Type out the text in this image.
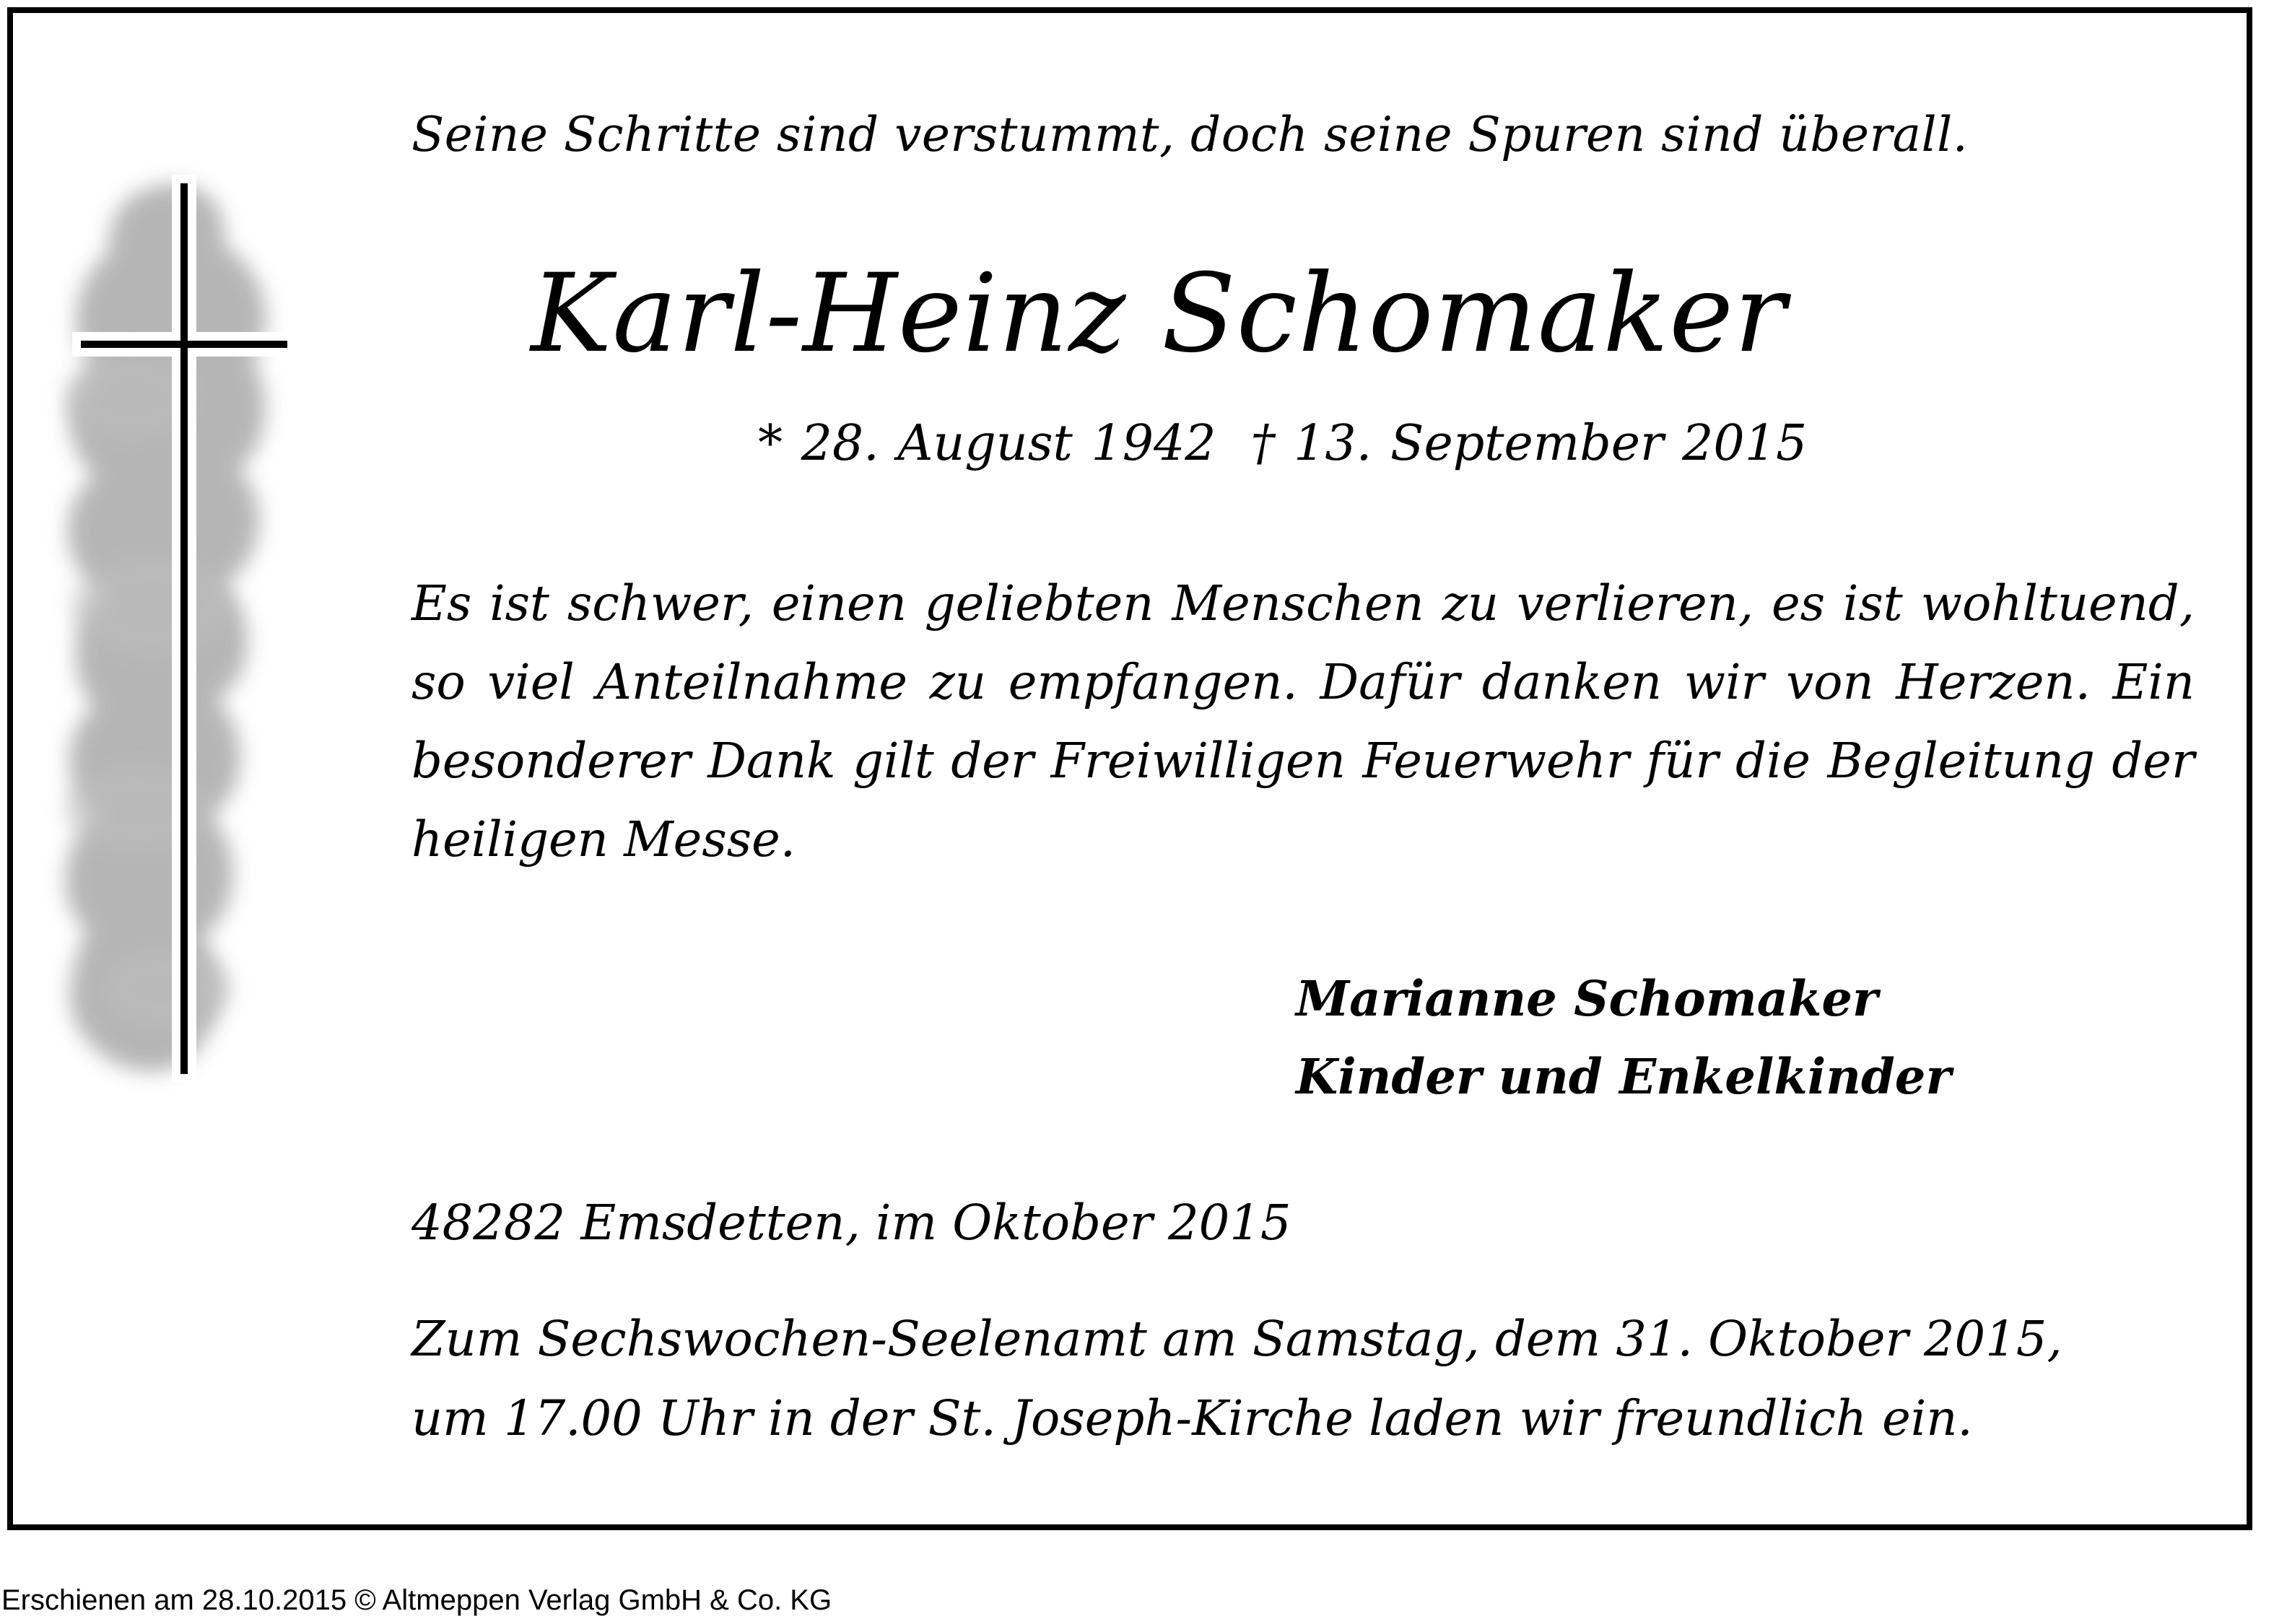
Seine Schritte sind verstummt, doch seine Spuren sind überall.
Karl-Heinz Schomaker
* 28. August 1942 † 13. September 2015

Es ist schwer, einen geliebten Menschen zu verlieren, es ist wohltuend, so viel Anteilnahme zu empfangen. Dafür danken wir von Herzen. Ein besonderer Dank gilt der Freiwilligen Feuerwehr für die Begleitung der heiligen Messe.

Marianne Schomaker
Kinder und Enkelkinder
48282 Emsdetten, im Oktober 2015
Zum Sechswochen-Seelenamt am Samstag, dem 31. Oktober 2015,
um 17.00 Uhr in der St. Joseph-Kirche laden wir freundlich ein.
Erschienen am 28.10.2015 © Altmeppen Verlag GmbH & Co. KG
